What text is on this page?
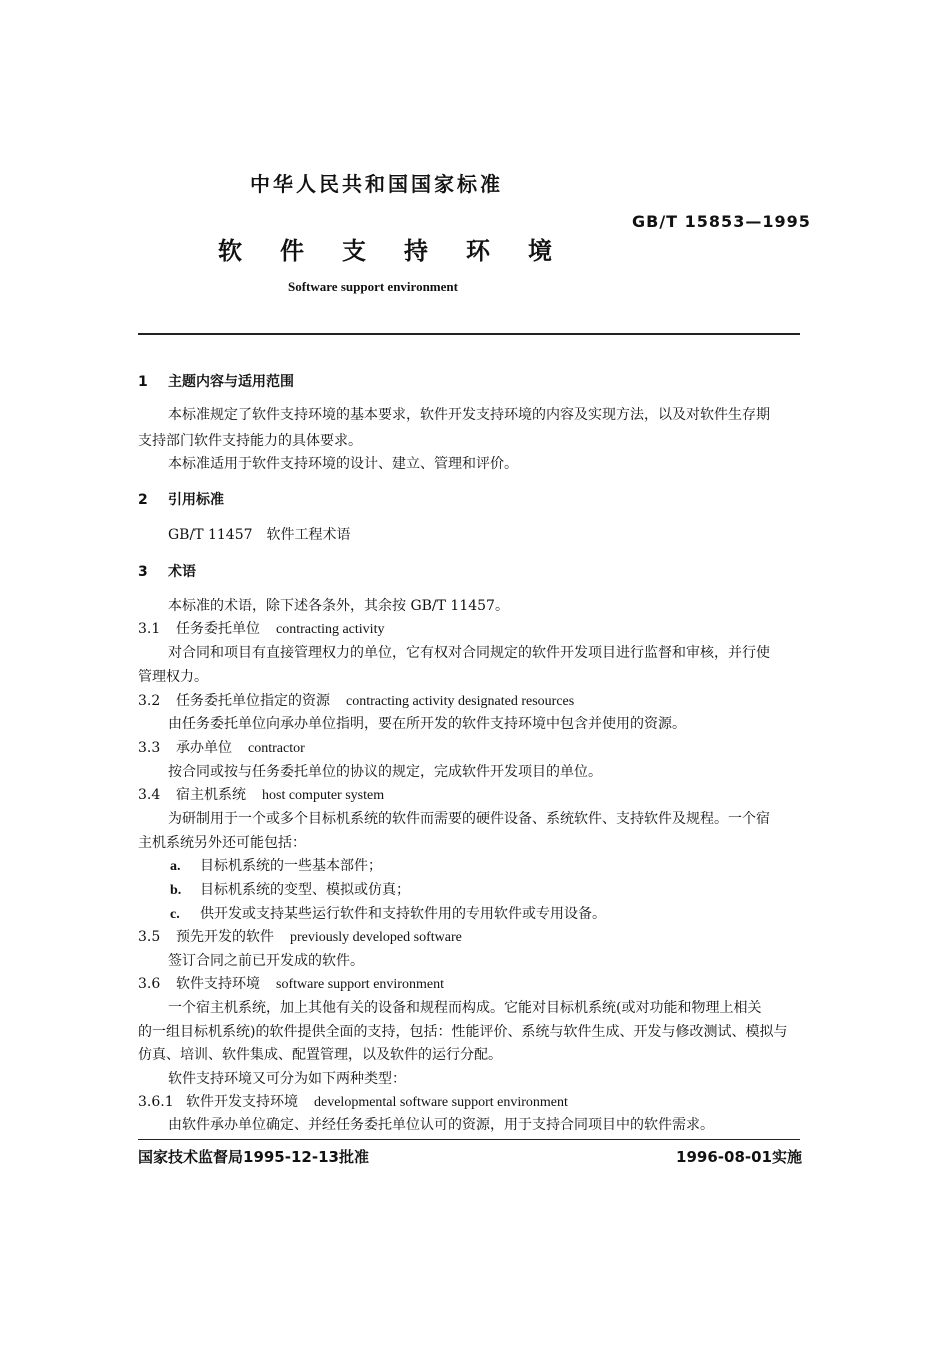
中华人民共和国国家标准
GB/T 15853—1995
软件支持环境
Software support environment
1 主题内容与适用范围
本标准规定了软件支持环境的基本要求，软件开发支持环境的内容及实现方法，以及对软件生存期
支持部门软件支持能力的具体要求。
本标准适用于软件支持环境的设计、建立、管理和评价。
2 引用标准
GB/T 11457　软件工程术语
3 术语
本标准的术语，除下述各条外，其余按 GB/T 11457。
3.1 任务委托单位 contracting activity
对合同和项目有直接管理权力的单位，它有权对合同规定的软件开发项目进行监督和审核，并行使
管理权力。
3.2 任务委托单位指定的资源 contracting activity designated resources
由任务委托单位向承办单位指明，要在所开发的软件支持环境中包含并使用的资源。
3.3 承办单位 contractor
按合同或按与任务委托单位的协议的规定，完成软件开发项目的单位。
3.4 宿主机系统 host computer system
为研制用于一个或多个目标机系统的软件而需要的硬件设备、系统软件、支持软件及规程。一个宿
主机系统另外还可能包括：
a. 目标机系统的一些基本部件；
b. 目标机系统的变型、模拟或仿真；
c. 供开发或支持某些运行软件和支持软件用的专用软件或专用设备。
3.5 预先开发的软件 previously developed software
签订合同之前已开发成的软件。
3.6 软件支持环境 software support environment
一个宿主机系统，加上其他有关的设备和规程而构成。它能对目标机系统(或对功能和物理上相关
的一组目标机系统)的软件提供全面的支持，包括：性能评价、系统与软件生成、开发与修改测试、模拟与
仿真、培训、软件集成、配置管理，以及软件的运行分配。
软件支持环境又可分为如下两种类型：
3.6.1 软件开发支持环境 developmental software support environment
由软件承办单位确定、并经任务委托单位认可的资源，用于支持合同项目中的软件需求。
国家技术监督局1995-12-13批准	1996-08-01实施
